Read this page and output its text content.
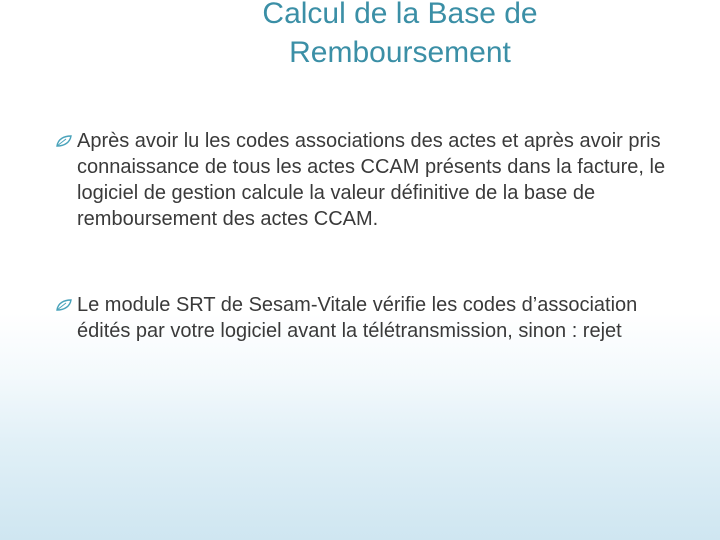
Calcul de la Base de
Remboursement
Après avoir lu les codes associations des actes et après avoir pris connaissance de tous les actes CCAM présents dans la facture, le logiciel de gestion calcule la valeur définitive de la base de remboursement des actes CCAM.
Le module SRT de Sesam-Vitale vérifie les codes d’association édités par votre logiciel avant la télétransmission, sinon : rejet
